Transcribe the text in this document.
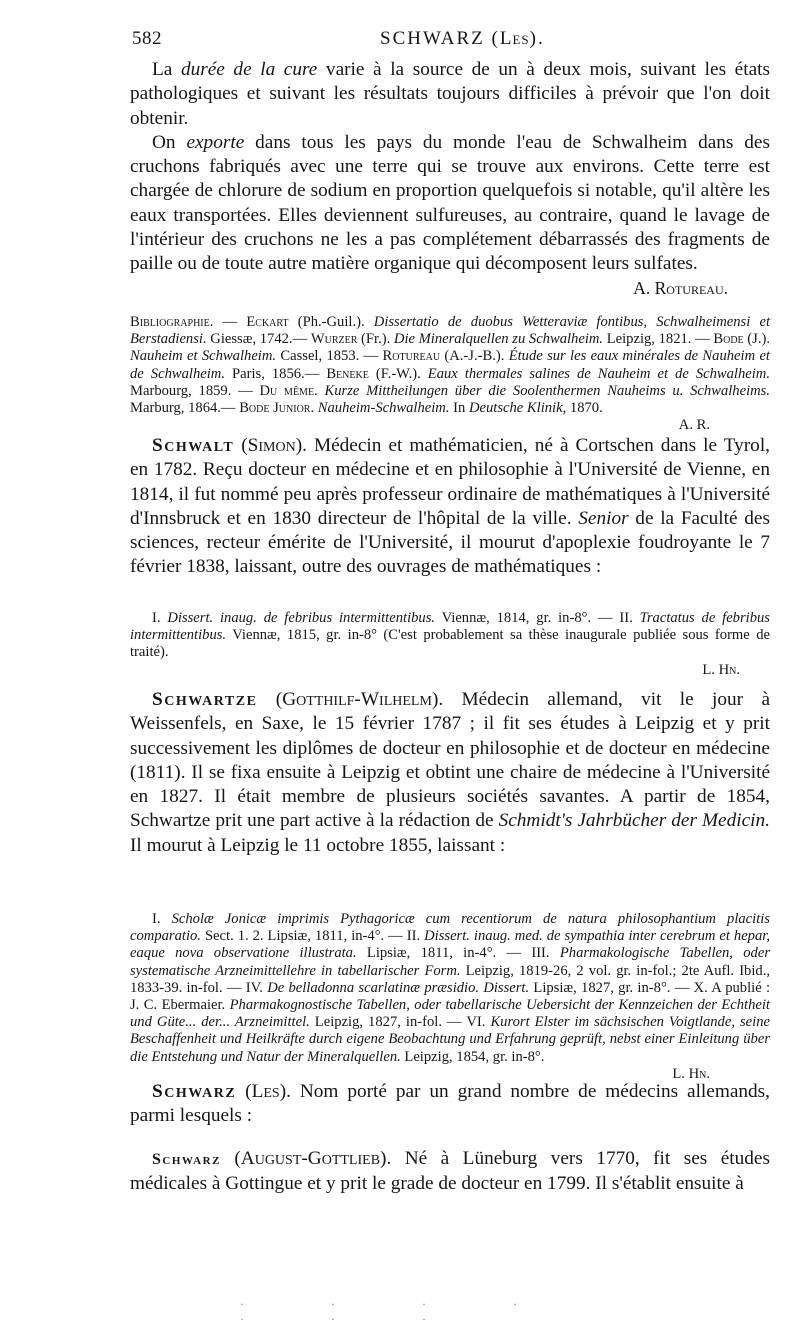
582	SCHWARZ (Les).

La durée de la cure varie à la source de un à deux mois, suivant les états pathologiques et suivant les résultats toujours difficiles à prévoir que l'on doit obtenir.

On exporte dans tous les pays du monde l'eau de Schwalheim dans des cruchons fabriqués avec une terre qui se trouve aux environs. Cette terre est chargée de chlorure de sodium en proportion quelquefois si notable, qu'il altère les eaux transportées. Elles deviennent sulfureuses, au contraire, quand le lavage de l'intérieur des cruchons ne les a pas complétement débarrassés des fragments de paille ou de toute autre matière organique qui décomposent leurs sulfates.

A. Rotureau.

Bibliographie. — Eckart (Ph.-Guil.). Dissertatio de duobus Wetteraviæ fontibus, Schwalheimensi et Berstadiensi. Giessæ, 1742.— Wurzer (Fr.). Die Mineralquellen zu Schwalheim. Leipzig, 1821. — Bode (J.). Nauheim et Schwalheim. Cassel, 1853. — Rotureau (A.-J.-B.). Étude sur les eaux minérales de Nauheim et de Schwalheim. Paris, 1856.— Beneke (F.-W.). Eaux thermales salines de Nauheim et de Schwalheim. Marbourg, 1859. — Du même. Kurze Mittheilungen über die Soolenthermen Nauheims u. Schwalheims. Marburg, 1864.— Bode Junior. Nauheim-Schwalheim. In Deutsche Klinik, 1870.

A. R.

Schwalt (Simon). Médecin et mathématicien, né à Cortschen dans le Tyrol, en 1782. Reçu docteur en médecine et en philosophie à l'Université de Vienne, en 1814, il fut nommé peu après professeur ordinaire de mathématiques à l'Université d'Innsbruck et en 1830 directeur de l'hôpital de la ville. Senior de la Faculté des sciences, recteur émérite de l'Université, il mourut d'apoplexie foudroyante le 7 février 1838, laissant, outre des ouvrages de mathématiques :

I. Dissert. inaug. de febribus intermittentibus. Viennæ, 1814, gr. in-8°. — II. Tractatus de febribus intermittentibus. Viennæ, 1815, gr. in-8° (C'est probablement sa thèse inaugurale publiée sous forme de traité).

L. Hn.

Schwartze (Gotthilf-Wilhelm). Médecin allemand, vit le jour à Weissenfels, en Saxe, le 15 février 1787 ; il fit ses études à Leipzig et y prit successivement les diplômes de docteur en philosophie et de docteur en médecine (1811). Il se fixa ensuite à Leipzig et obtint une chaire de médecine à l'Université en 1827. Il était membre de plusieurs sociétés savantes. A partir de 1854, Schwartze prit une part active à la rédaction de Schmidt's Jahrbücher der Medicin. Il mourut à Leipzig le 11 octobre 1855, laissant :

I. Scholæ Jonicæ imprimis Pythagoricæ cum recentiorum de natura philosophantium placitis comparatio. Sect. 1. 2. Lipsiæ, 1811, in-4°. — II. Dissert. inaug. med. de sympathia inter cerebrum et hepar, eaque nova observatione illustrata. Lipsiæ, 1811, in-4°. — III. Pharmakologische Tabellen, oder systematische Arzneimittellehre in tabellarischer Form. Leipzig, 1819-26, 2 vol. gr. in-fol.; 2te Aufl. Ibid., 1833-39. in-fol. — IV. De belladonna scarlatinæ præsidio. Dissert. Lipsiæ, 1827, gr. in-8°. — X. A publié : J. C. Ebermaier. Pharmakognostische Tabellen, oder tabellarische Uebersicht der Kennzeichen der Echtheit und Güte... der... Arzneimittel. Leipzig, 1827, in-fol. — VI. Kurort Elster im sächsischen Voigtlande, seine Beschaffenheit und Heilkräfte durch eigene Beobachtung und Erfahrung geprüft, nebst einer Einleitung über die Entstehung und Natur der Mineralquellen. Leipzig, 1854, gr. in-8°.

L. Hn.

Schwarz (Les). Nom porté par un grand nombre de médecins allemands, parmi lesquels :

Schwarz (August-Gottlieb). Né à Lüneburg vers 1770, fit ses études médicales à Gottingue et y prit le grade de docteur en 1799. Il s'établit ensuite à

· · · · · · ·
